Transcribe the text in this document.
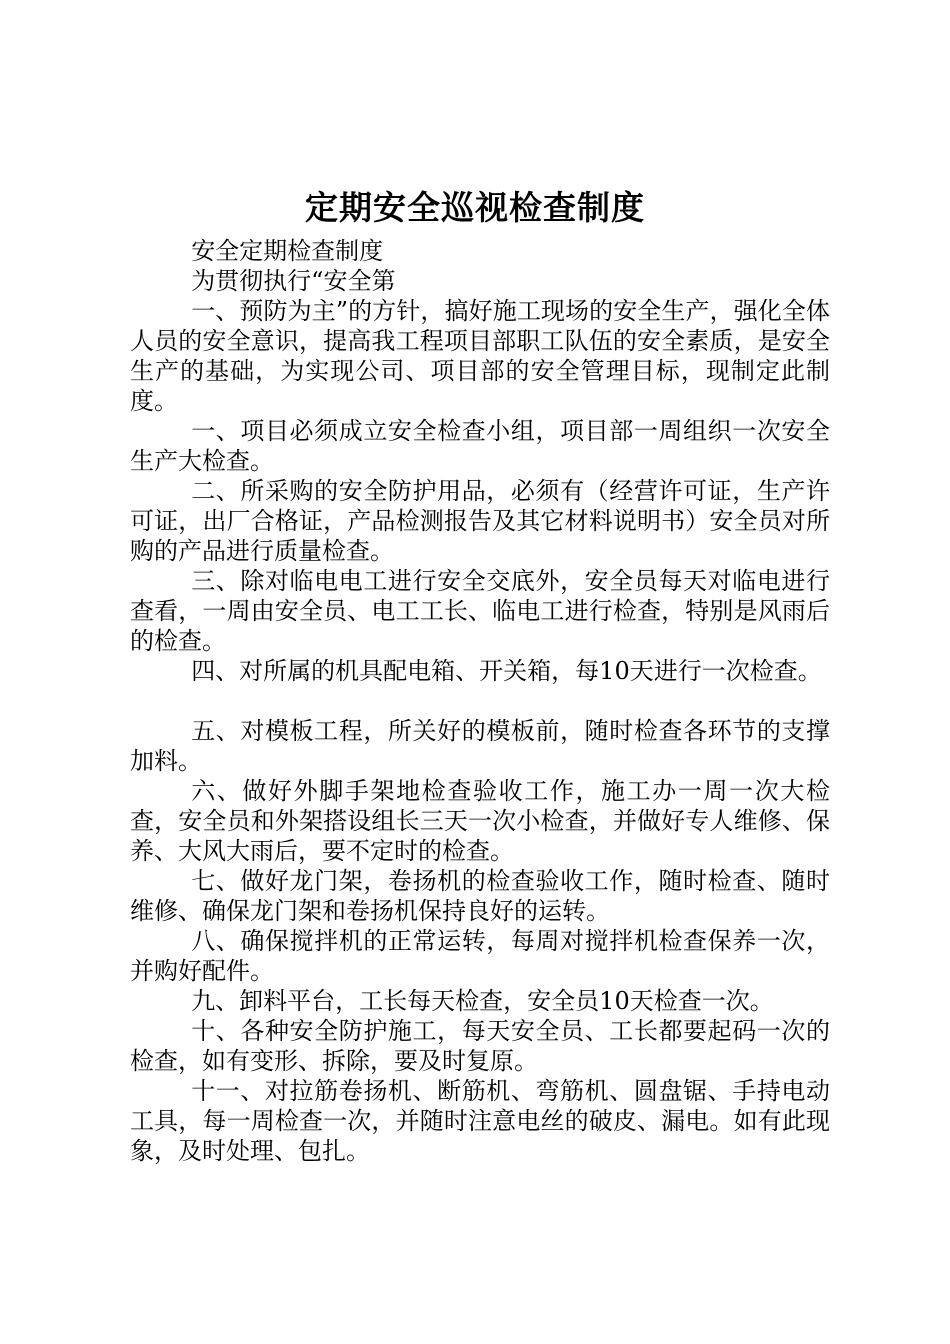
定期安全巡视检查制度

安全定期检查制度

为贯彻执行“安全第

一、预防为主”的方针，搞好施工现场的安全生产，强化全体人员的安全意识，提高我工程项目部职工队伍的安全素质，是安全生产的基础，为实现公司、项目部的安全管理目标，现制定此制度。

一、项目必须成立安全检查小组，项目部一周组织一次安全生产大检查。

二、所采购的安全防护用品，必须有（经营许可证，生产许可证，出厂合格证，产品检测报告及其它材料说明书）安全员对所购的产品进行质量检查。

三、除对临电电工进行安全交底外，安全员每天对临电进行查看，一周由安全员、电工工长、临电工进行检查，特别是风雨后的检查。

四、对所属的机具配电箱、开关箱，每10天进行一次检查。

五、对模板工程，所关好的模板前，随时检查各环节的支撑加料。

六、做好外脚手架地检查验收工作，施工办一周一次大检查，安全员和外架搭设组长三天一次小检查，并做好专人维修、保养、大风大雨后，要不定时的检查。

七、做好龙门架，卷扬机的检查验收工作，随时检查、随时维修、确保龙门架和卷扬机保持良好的运转。

八、确保搅拌机的正常运转，每周对搅拌机检查保养一次，并购好配件。

九、卸料平台，工长每天检查，安全员10天检查一次。

十、各种安全防护施工，每天安全员、工长都要起码一次的检查，如有变形、拆除，要及时复原。

十一、对拉筋卷扬机、断筋机、弯筋机、圆盘锯、手持电动工具，每一周检查一次，并随时注意电丝的破皮、漏电。如有此现象，及时处理、包扎。
